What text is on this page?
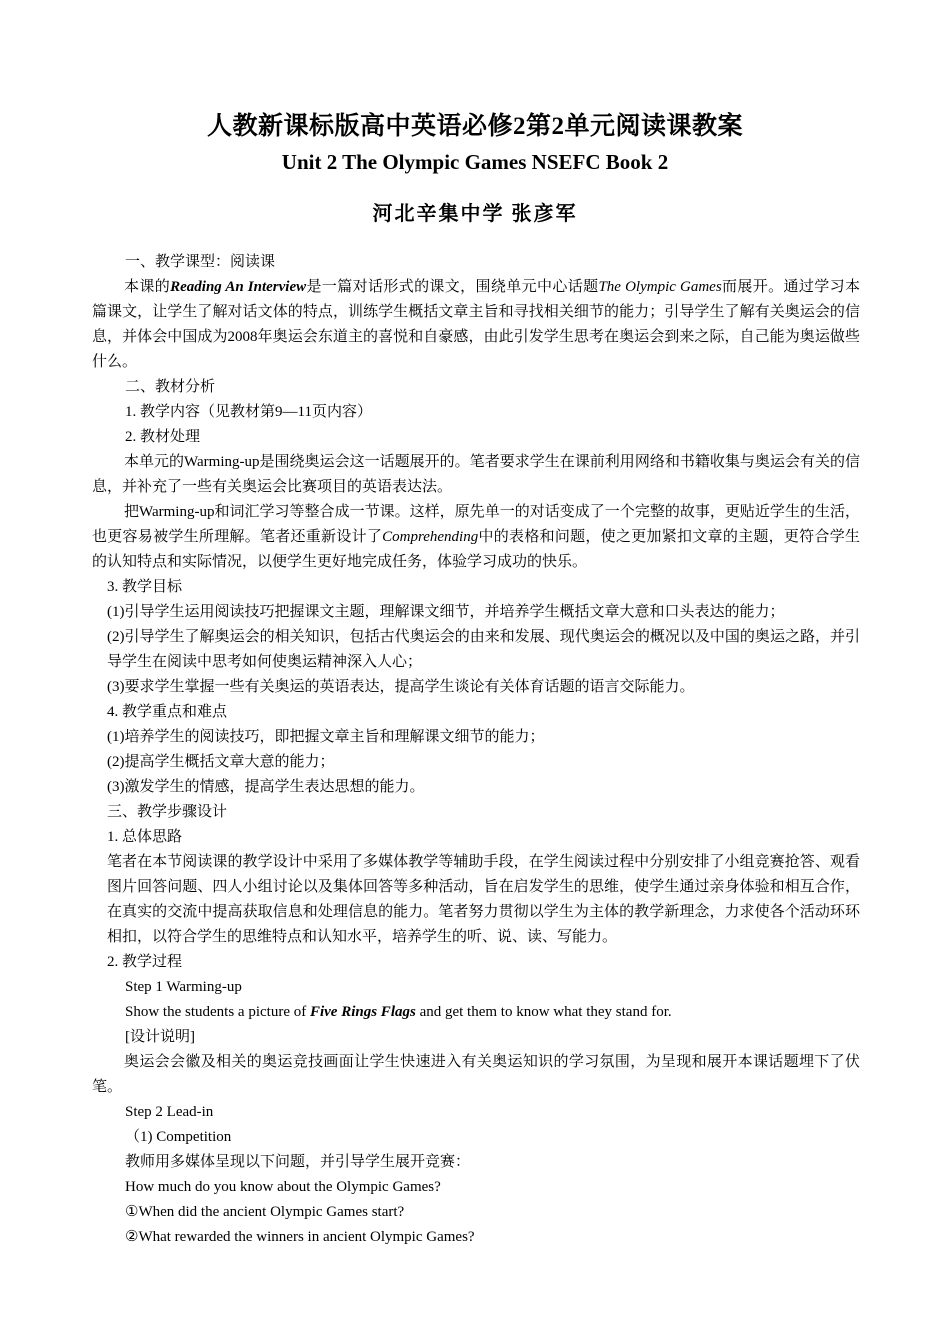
人教新课标版高中英语必修2第2单元阅读课教案
Unit 2 The Olympic Games NSEFC Book 2
河北辛集中学 张彦军

一、教学课型：阅读课

本课的Reading An Interview是一篇对话形式的课文，围绕单元中心话题The Olympic Games而展开。通过学习本篇课文，让学生了解对话文体的特点，训练学生概括文章主旨和寻找相关细节的能力；引导学生了解有关奥运会的信息，并体会中国成为2008年奥运会东道主的喜悦和自豪感，由此引发学生思考在奥运会到来之际，自己能为奥运做些什么。

二、教材分析

1. 教学内容（见教材第9—11页内容）

2. 教材处理

本单元的Warming-up是围绕奥运会这一话题展开的。笔者要求学生在课前利用网络和书籍收集与奥运会有关的信息，并补充了一些有关奥运会比赛项目的英语表达法。

把Warming-up和词汇学习等整合成一节课。这样，原先单一的对话变成了一个完整的故事，更贴近学生的生活，也更容易被学生所理解。笔者还重新设计了Comprehending中的表格和问题，使之更加紧扣文章的主题，更符合学生的认知特点和实际情况，以便学生更好地完成任务，体验学习成功的快乐。

3. 教学目标

(1)引导学生运用阅读技巧把握课文主题，理解课文细节，并培养学生概括文章大意和口头表达的能力；

(2)引导学生了解奥运会的相关知识，包括古代奥运会的由来和发展、现代奥运会的概况以及中国的奥运之路，并引导学生在阅读中思考如何使奥运精神深入人心；

(3)要求学生掌握一些有关奥运的英语表达，提高学生谈论有关体育话题的语言交际能力。

4. 教学重点和难点

(1)培养学生的阅读技巧，即把握文章主旨和理解课文细节的能力；

(2)提高学生概括文章大意的能力；

(3)激发学生的情感，提高学生表达思想的能力。

三、教学步骤设计

1. 总体思路

笔者在本节阅读课的教学设计中采用了多媒体教学等辅助手段，在学生阅读过程中分别安排了小组竞赛抢答、观看图片回答问题、四人小组讨论以及集体回答等多种活动，旨在启发学生的思维，使学生通过亲身体验和相互合作，在真实的交流中提高获取信息和处理信息的能力。笔者努力贯彻以学生为主体的教学新理念，力求使各个活动环环相扣，以符合学生的思维特点和认知水平，培养学生的听、说、读、写能力。

2. 教学过程

Step 1 Warming-up

Show the students a picture of Five Rings Flags and get them to know what they stand for.

[设计说明]

奥运会会徽及相关的奥运竞技画面让学生快速进入有关奥运知识的学习氛围，为呈现和展开本课话题埋下了伏笔。

Step 2 Lead-in

（1) Competition

教师用多媒体呈现以下问题，并引导学生展开竞赛：

How much do you know about the Olympic Games?

①When did the ancient Olympic Games start?

②What rewarded the winners in ancient Olympic Games?
